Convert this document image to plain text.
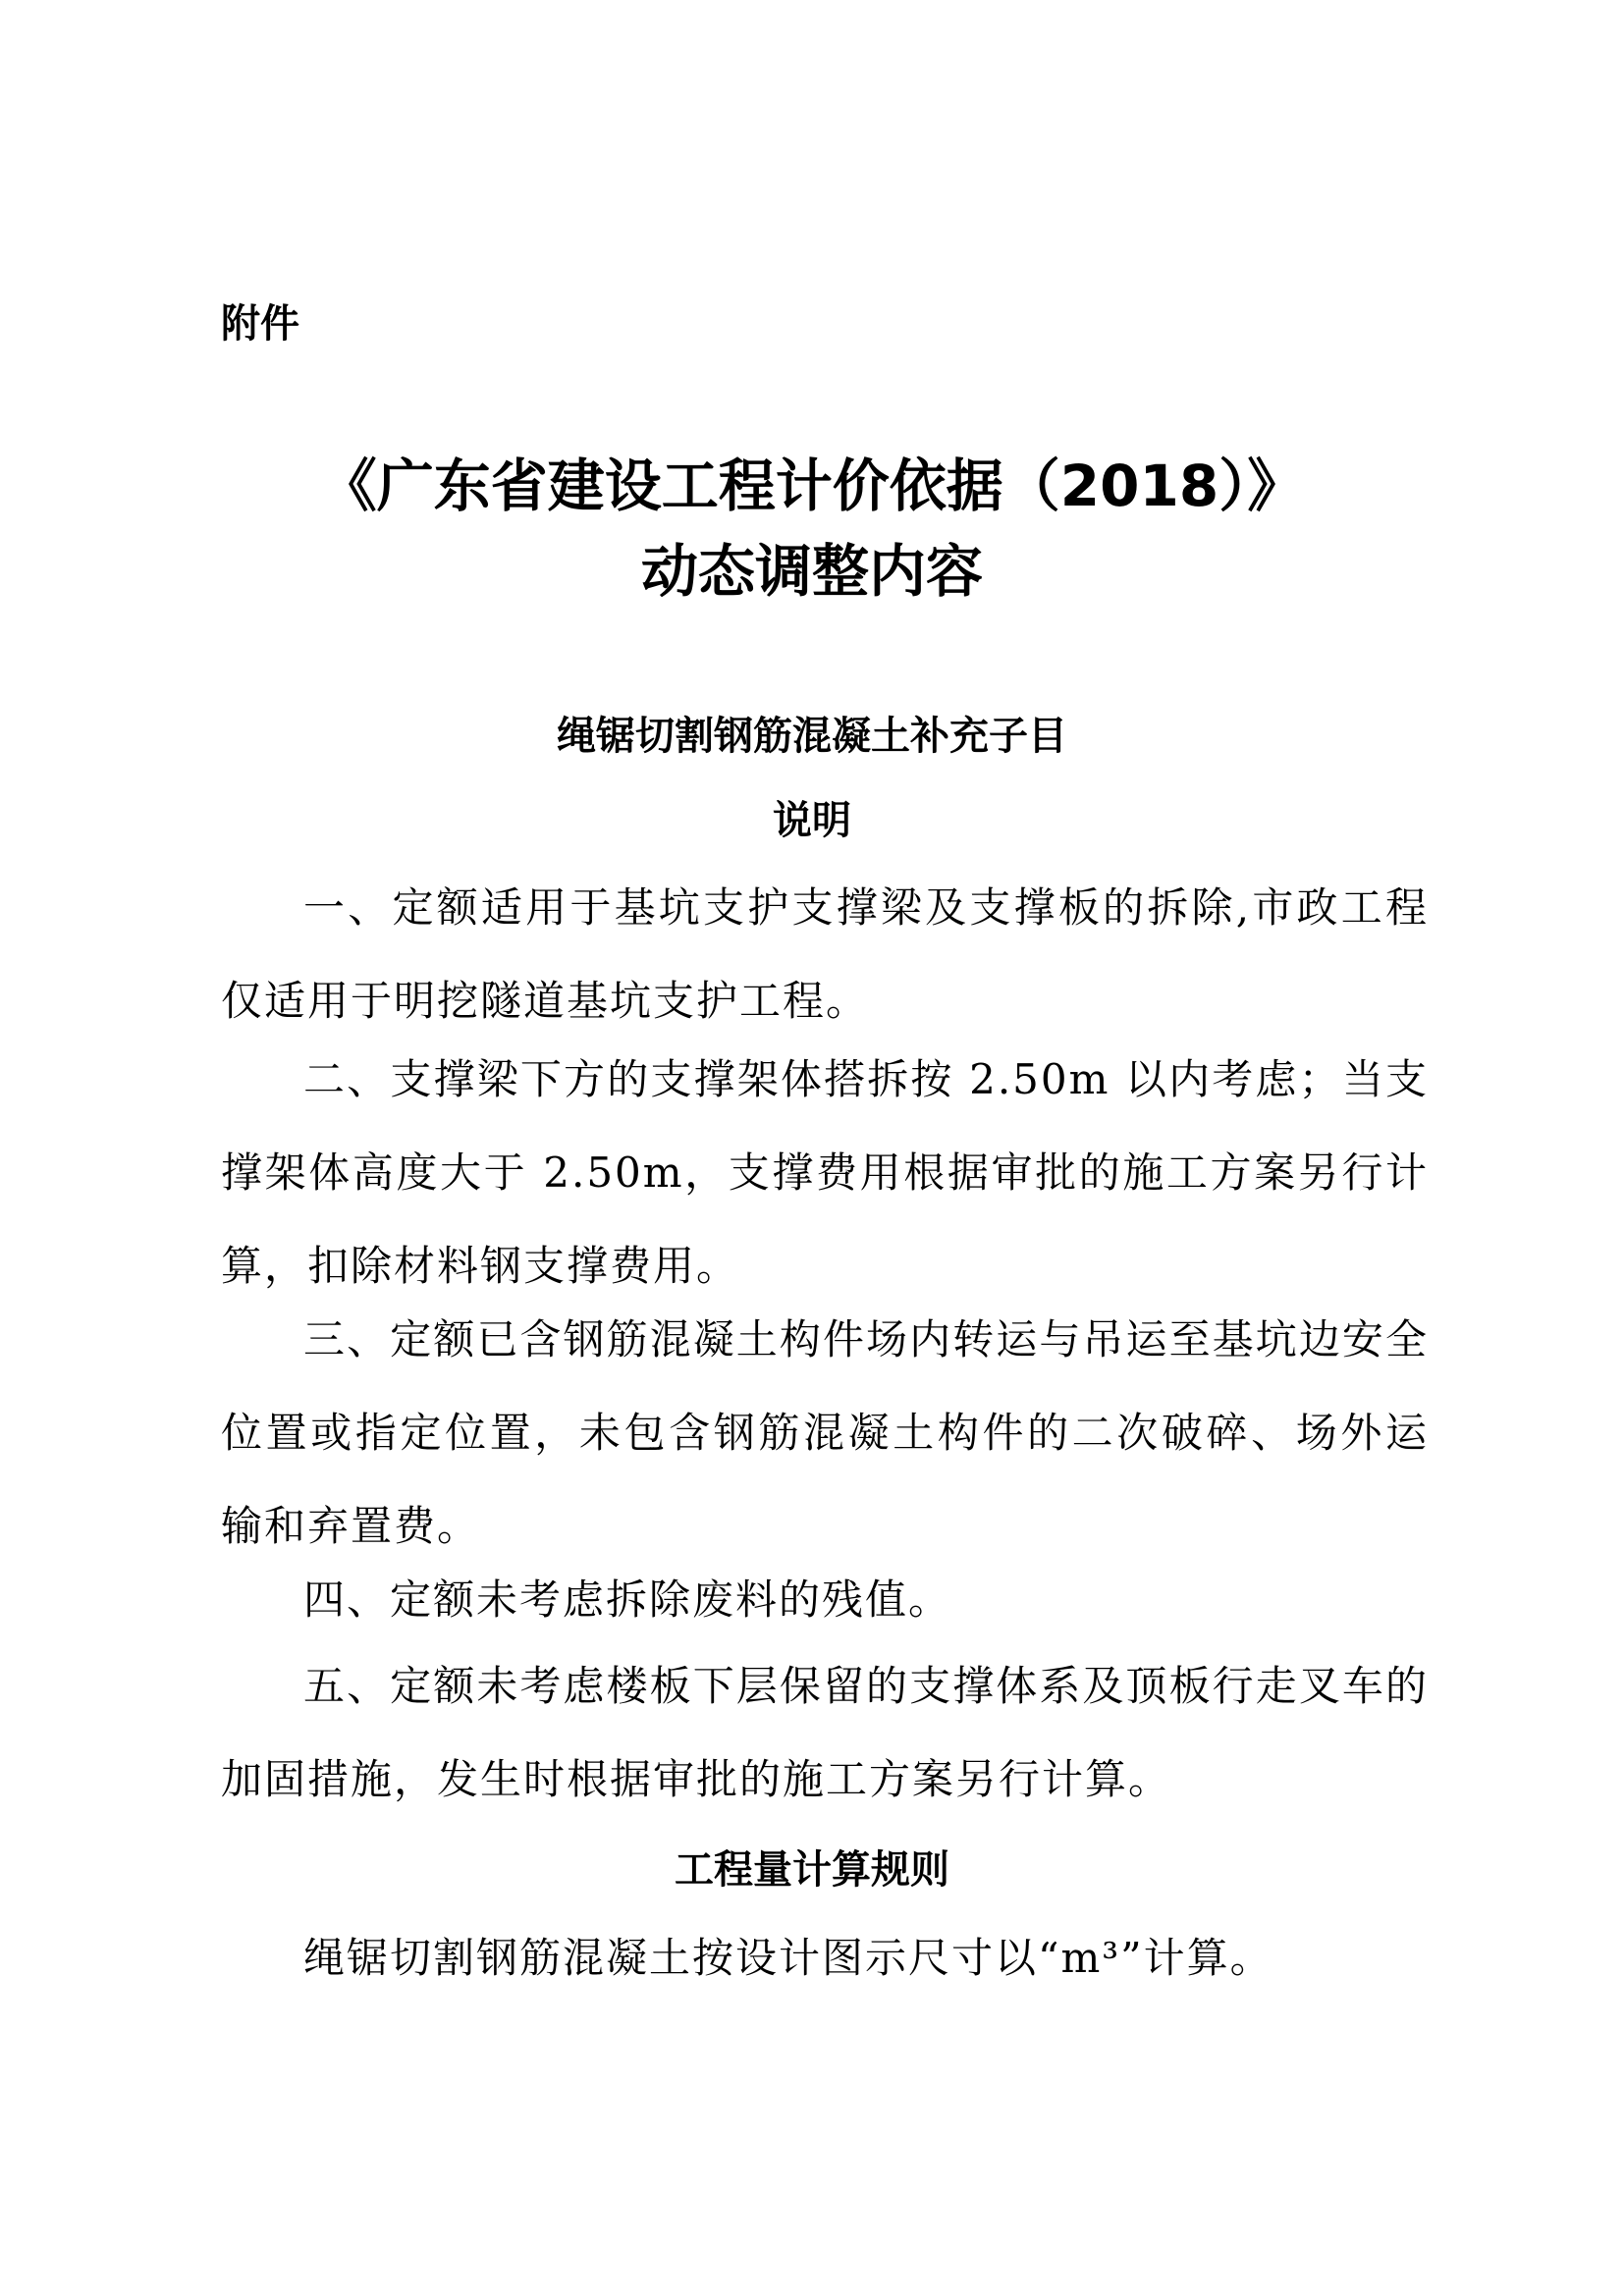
附件
《广东省建设工程计价依据（2018）》
动态调整内容
绳锯切割钢筋混凝土补充子目
说明

一、定额适用于基坑支护支撑梁及支撑板的拆除,市政工程仅适用于明挖隧道基坑支护工程。

二、支撑梁下方的支撑架体搭拆按 2.50m 以内考虑；当支撑架体高度大于 2.50m，支撑费用根据审批的施工方案另行计算，扣除材料钢支撑费用。

三、定额已含钢筋混凝土构件场内转运与吊运至基坑边安全位置或指定位置，未包含钢筋混凝土构件的二次破碎、场外运输和弃置费。

四、定额未考虑拆除废料的残值。

五、定额未考虑楼板下层保留的支撑体系及顶板行走叉车的加固措施，发生时根据审批的施工方案另行计算。

工程量计算规则

绳锯切割钢筋混凝土按设计图示尺寸以“m³”计算。
